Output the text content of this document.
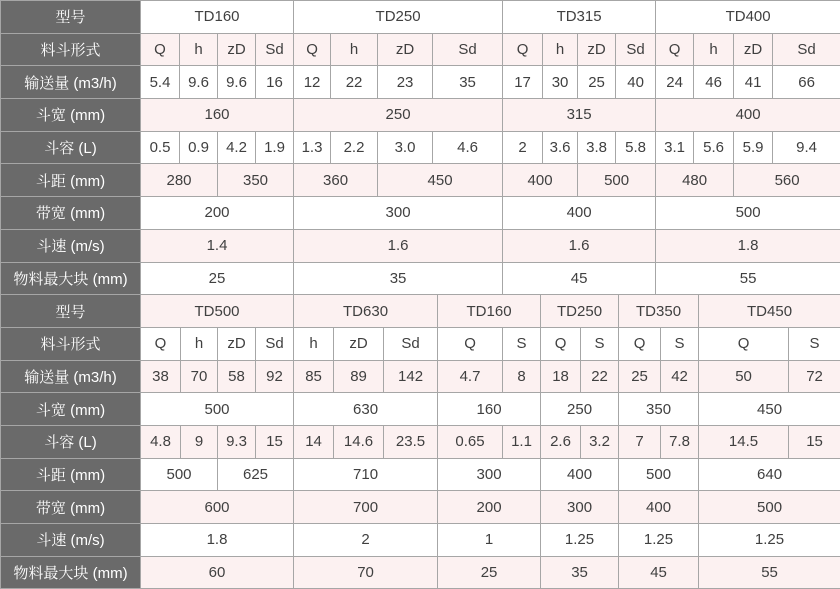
型号	TD160				TD250				TD315				TD400			
料斗形式	Q	h	zD	Sd	Q	h	zD	Sd	Q	h	zD	Sd	Q	h	zD	Sd
输送量 (m3/h)	5.4	9.6	9.6	16	12	22	23	35	17	30	25	40	24	46	41	66
斗宽 (mm)	160				250				315				400			
斗容 (L)	0.5	0.9	4.2	1.9	1.3	2.2	3.0	4.6	2	3.6	3.8	5.8	3.1	5.6	5.9	9.4
斗距 (mm)	280		350		360		450		400		500		480		560	
带宽 (mm)	200				300				400				500			
斗速 (m/s)	1.4				1.6				1.6				1.8			
物料最大块 (mm)	25				35				45				55			
型号	TD500				TD630			TD160		TD250		TD350		TD450	
料斗形式	Q	h	zD	Sd	h	zD	Sd	Q	S	Q	S	Q	S	Q	S
输送量 (m3/h)	38	70	58	92	85	89	142	4.7	8	18	22	25	42	50	72
斗宽 (mm)	500				630			160		250		350		450	
斗容 (L)	4.8	9	9.3	15	14	14.6	23.5	0.65	1.1	2.6	3.2	7	7.8	14.5	15
斗距 (mm)	500		625		710			300		400		500		640	
带宽 (mm)	600				700			200		300		400		500	
斗速 (m/s)	1.8				2			1		1.25		1.25		1.25	
物料最大块 (mm)	60				70			25		35		45		55	
